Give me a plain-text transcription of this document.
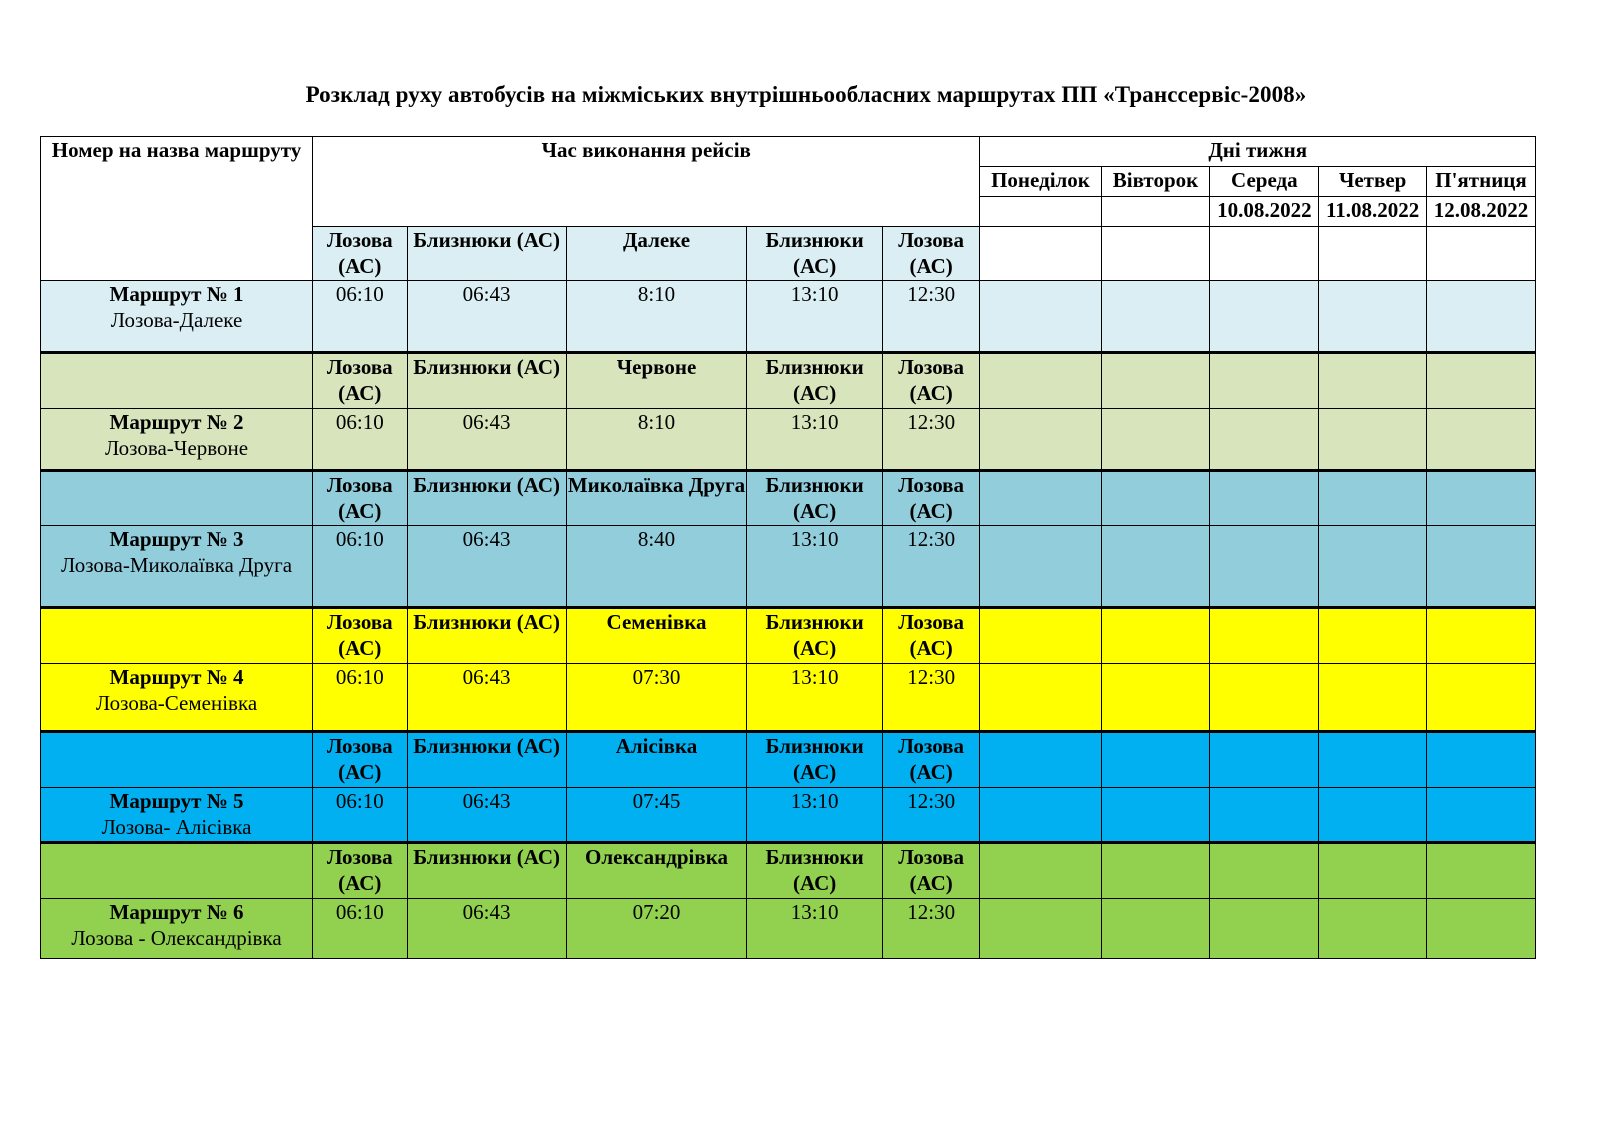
Розклад руху автобусів на міжміських внутрішньообласних маршрутах ПП «Транссервіс-2008»
Номер на назва маршруту	Час виконання рейсів					Дні тижня				
						Понеділок	Вівторок	Середа	Четвер	П'ятниця
								10.08.2022	11.08.2022	12.08.2022
	Лозова (АС)	Близнюки (АС)	Далеке	Близнюки (АС)	Лозова (АС)					

Маршрут № 1
Лозова-Далеке	06:10	06:43	8:10	13:10	12:30					
	Лозова (АС)	Близнюки (АС)	Червоне	Близнюки (АС)	Лозова (АС)					

Маршрут № 2
Лозова-Червоне	06:10	06:43	8:10	13:10	12:30					
	Лозова (АС)	Близнюки (АС)	Миколаївка Друга	Близнюки (АС)	Лозова (АС)					

Маршрут № 3
Лозова-Миколаївка Друга	06:10	06:43	8:40	13:10	12:30					
	Лозова (АС)	Близнюки (АС)	Семенівка	Близнюки (АС)	Лозова (АС)					

Маршрут № 4
Лозова-Семенівка	06:10	06:43	07:30	13:10	12:30					
	Лозова (АС)	Близнюки (АС)	Алісівка	Близнюки (АС)	Лозова (АС)					

Маршрут № 5
Лозова- Алісівка	06:10	06:43	07:45	13:10	12:30					
	Лозова (АС)	Близнюки (АС)	Олександрівка	Близнюки (АС)	Лозова (АС)					

Маршрут № 6
Лозова - Олександрівка	06:10	06:43	07:20	13:10	12:30					
